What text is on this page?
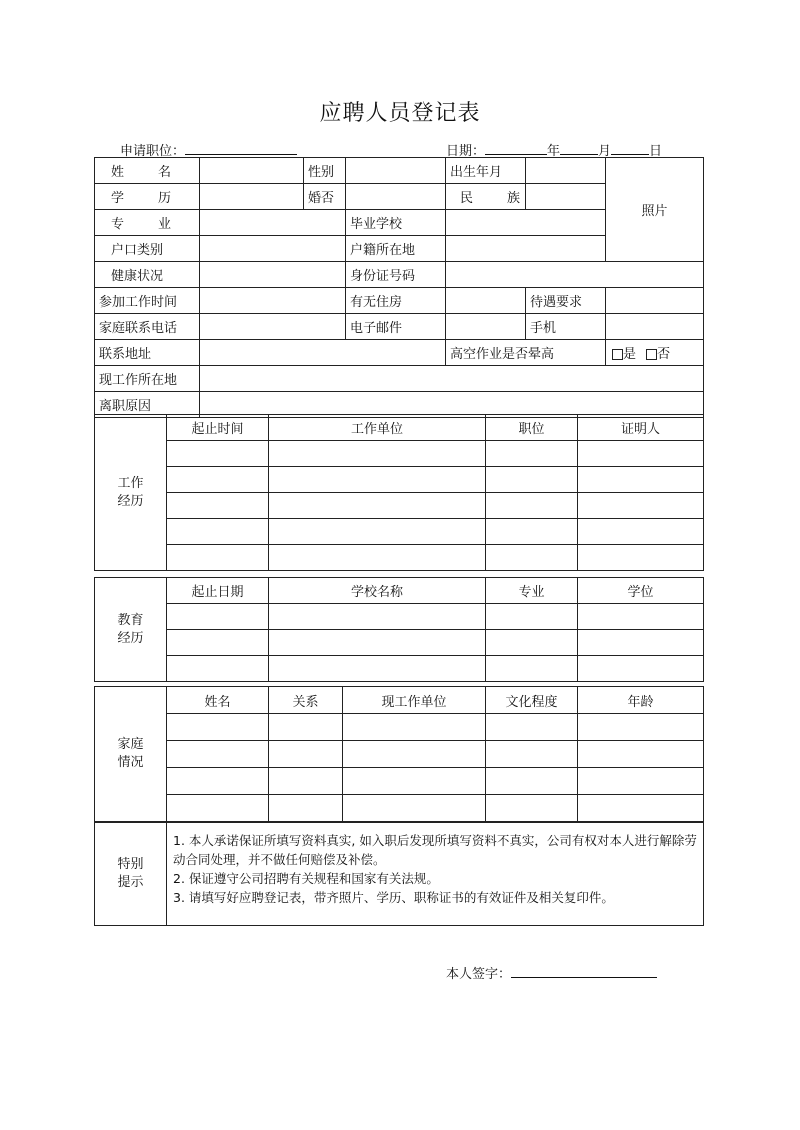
应聘人员登记表
申请职位：	日期：	年	月	日
姓　名		性别		出生年月		照片

学　历		婚否		民　族		

专　业			毕业学校			
户口类别			户籍所在地			
健康状况			身份证号码			
参加工作时间			有无住房		待遇要求	
家庭联系电话			电子邮件		手机	
联系地址				高空作业是否晕高		是 否
现工作所在地						
离职原因						
工作
经历	起止时间	工作单位	职位	证明人

教育
经历	起止日期	学校名称	专业	学位

家庭
情况	姓名	关系	现工作单位	文化程度	年龄

特别
提示

1. 本人承诺保证所填写资料真实, 如入职后发现所填写资料不真实，公司有权对本人进行解除劳动合同处理，并不做任何赔偿及补偿。

2. 保证遵守公司招聘有关规程和国家有关法规。

3. 请填写好应聘登记表，带齐照片、学历、职称证书的有效证件及相关复印件。

本人签字：
